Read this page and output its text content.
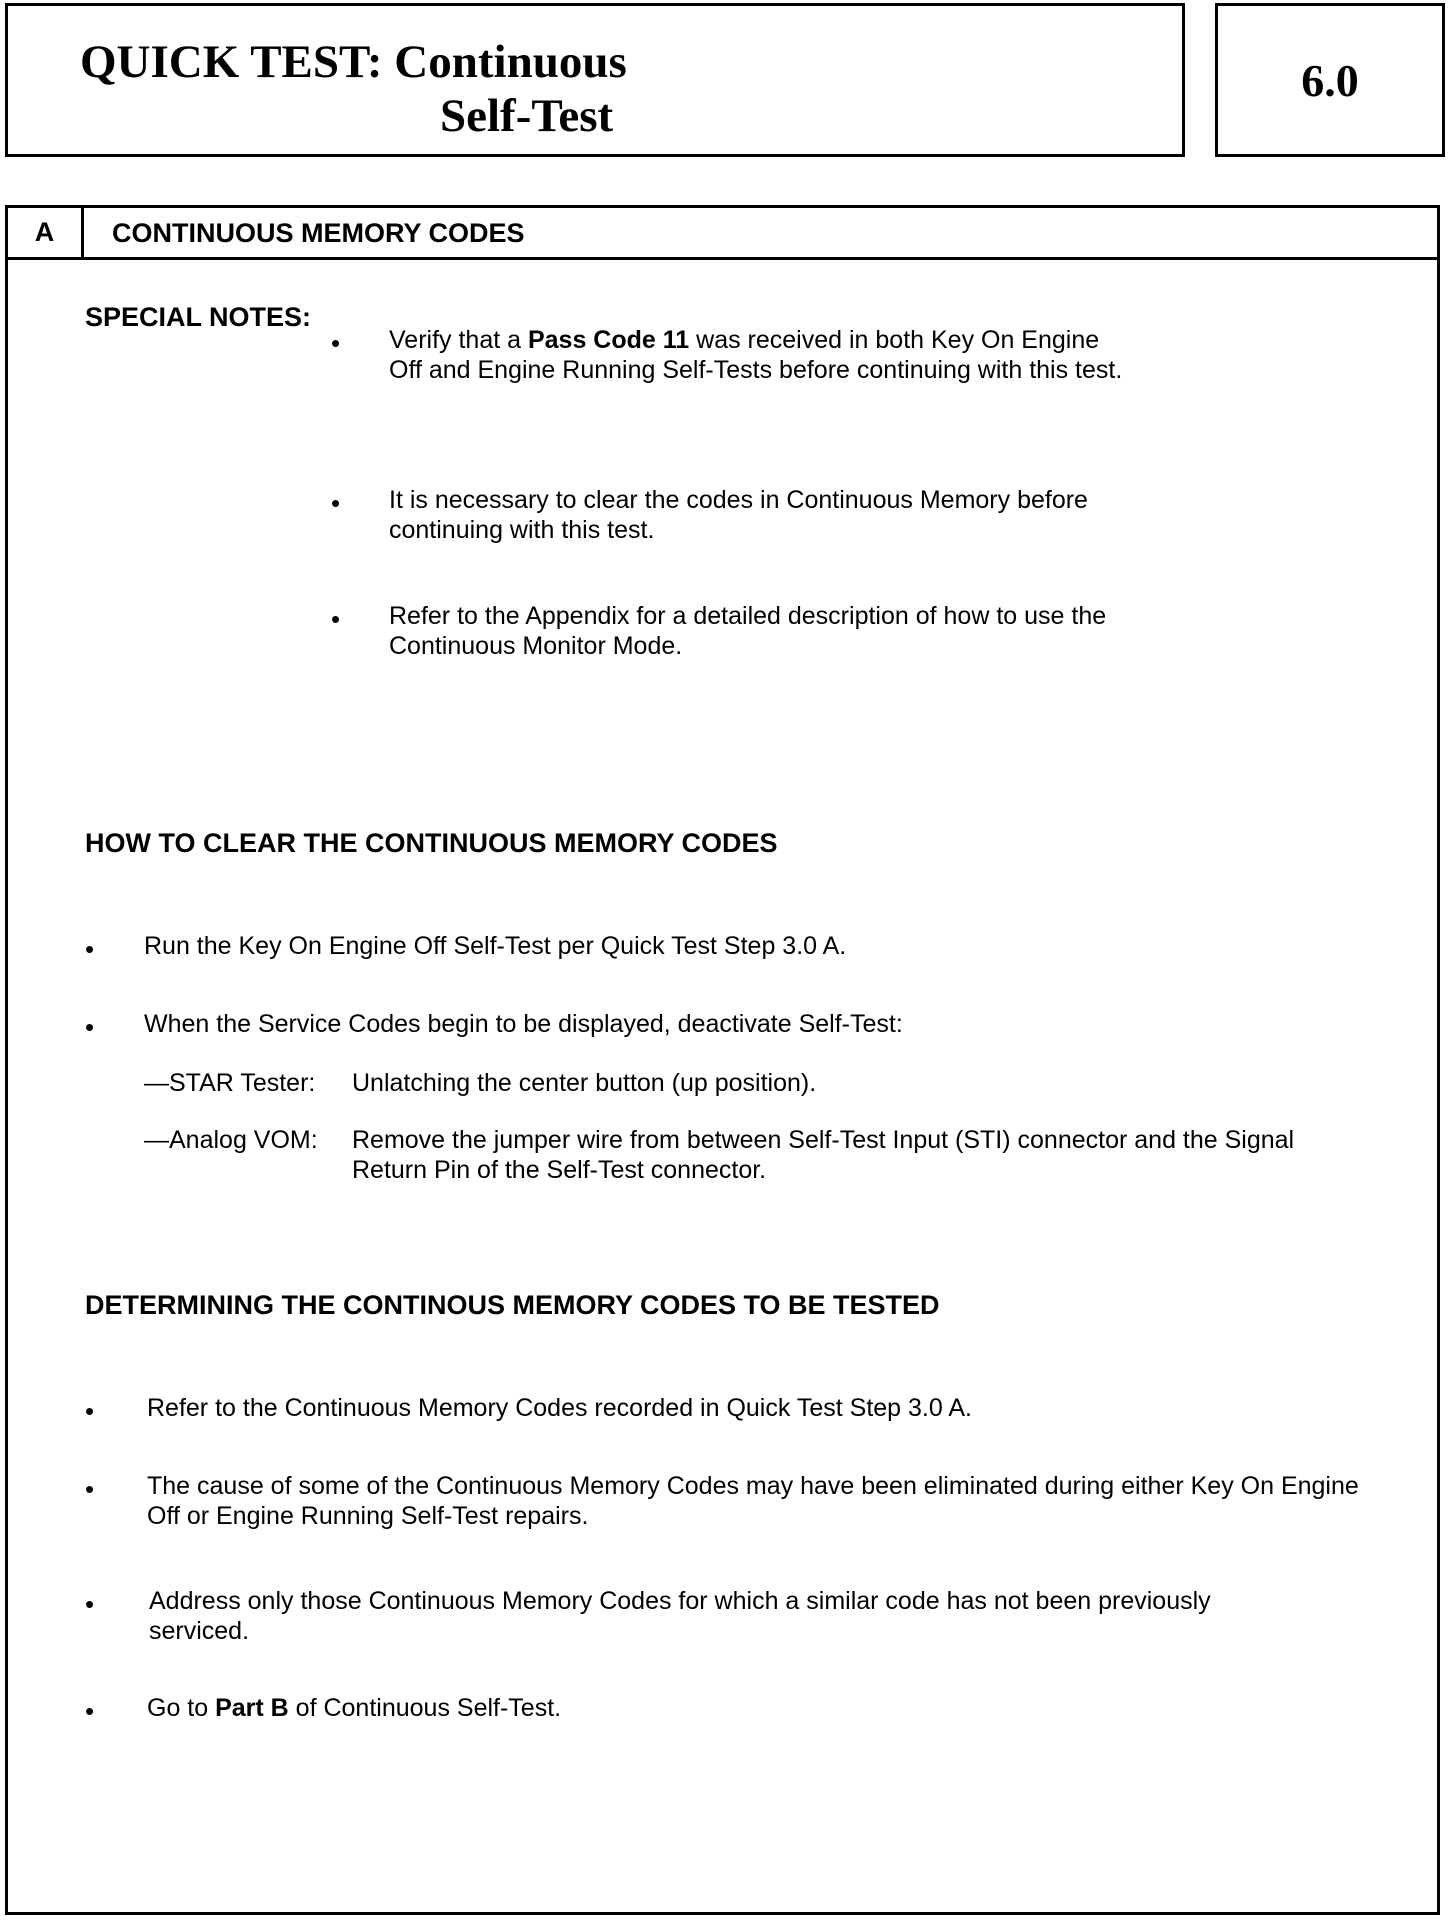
QUICK TEST: Continuous
Self-Test
6.0
A	CONTINUOUS MEMORY CODES
SPECIAL NOTES:
• Verify that a Pass Code 11 was received in both Key On Engine Off and Engine Running Self-Tests before continuing with this test.
• It is necessary to clear the codes in Continuous Memory before continuing with this test.
• Refer to the Appendix for a detailed description of how to use the Continuous Monitor Mode.
HOW TO CLEAR THE CONTINUOUS MEMORY CODES
• Run the Key On Engine Off Self-Test per Quick Test Step 3.0 A.
• When the Service Codes begin to be displayed, deactivate Self-Test:
—STAR Tester: Unlatching the center button (up position).
—Analog VOM: Remove the jumper wire from between Self-Test Input (STI) connector and the Signal Return Pin of the Self-Test connector.
DETERMINING THE CONTINOUS MEMORY CODES TO BE TESTED
• Refer to the Continuous Memory Codes recorded in Quick Test Step 3.0 A.
• The cause of some of the Continuous Memory Codes may have been eliminated during either Key On Engine Off or Engine Running Self-Test repairs.
• Address only those Continuous Memory Codes for which a similar code has not been previously serviced.
• Go to Part B of Continuous Self-Test.
